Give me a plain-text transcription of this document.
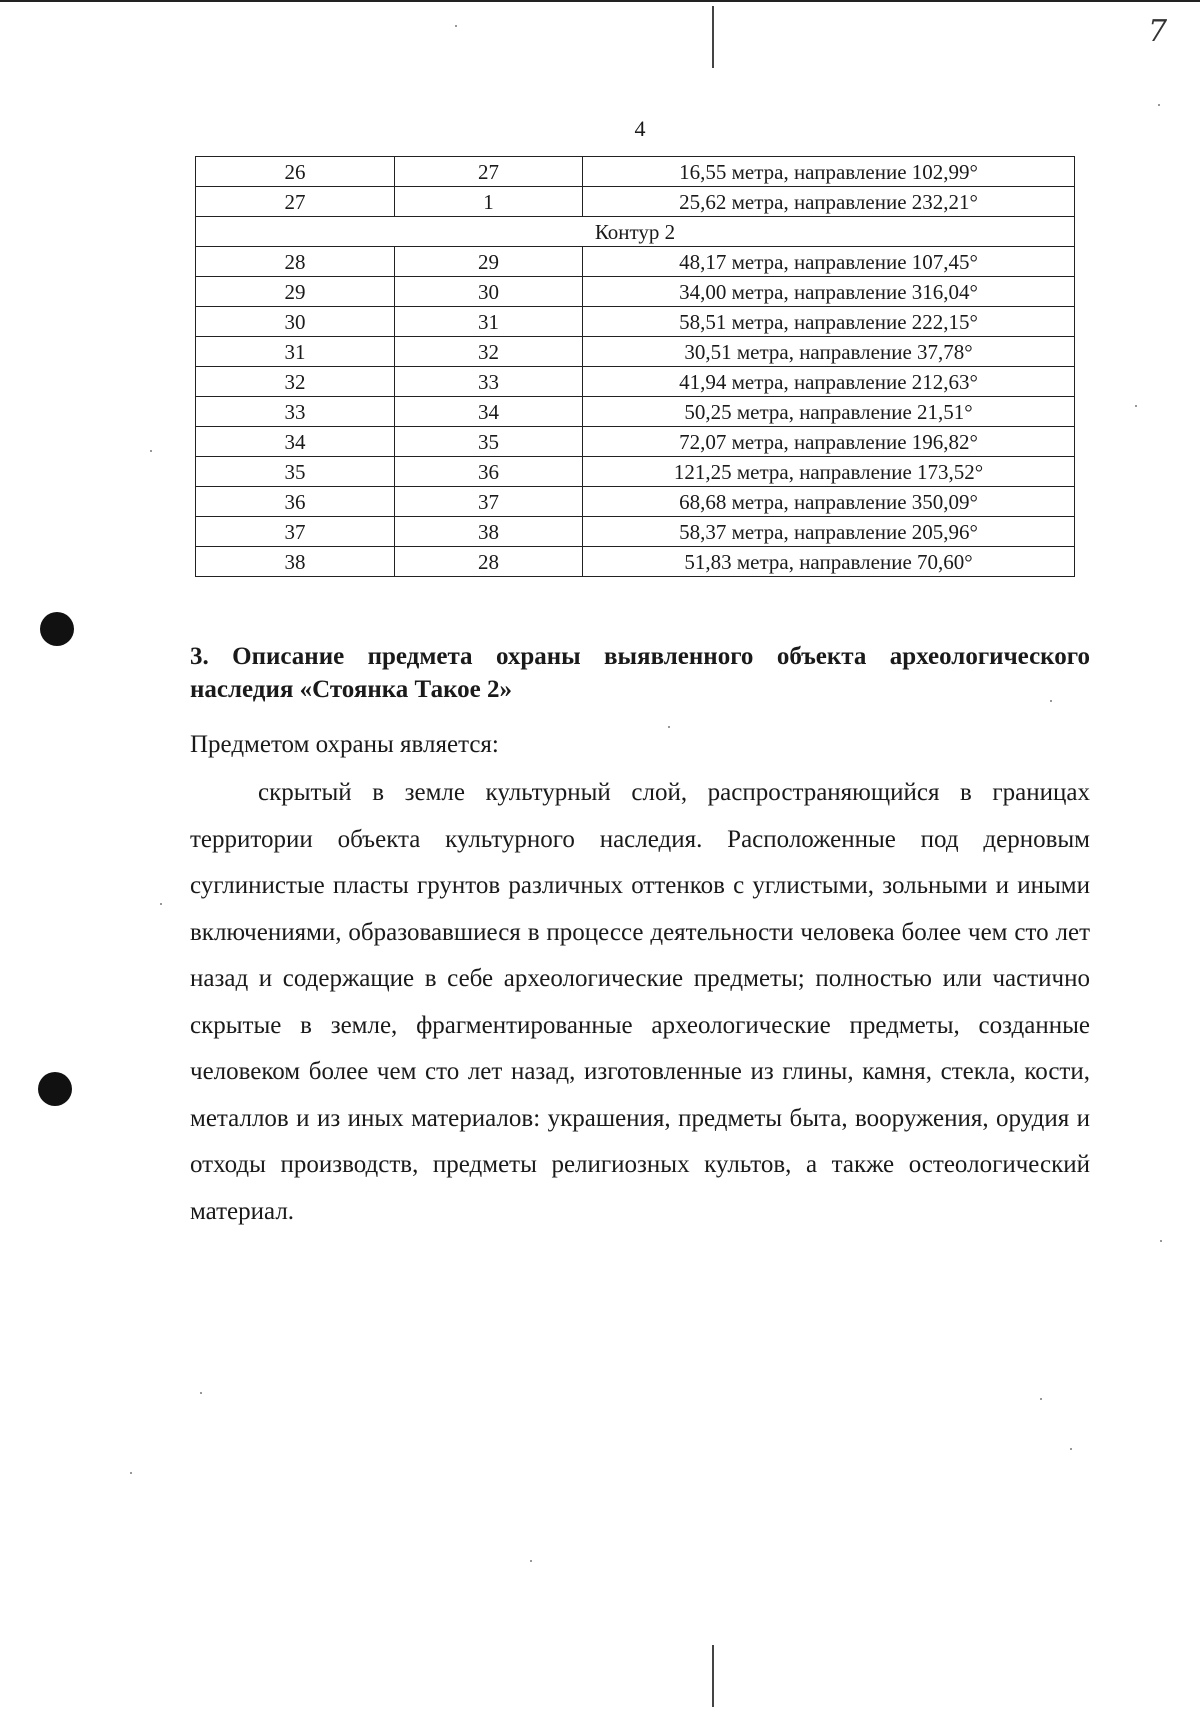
7
4
26	27	16,55 метра, направление 102,99°
27	1	25,62 метра, направление 232,21°
Контур 2		
28	29	48,17 метра, направление 107,45°
29	30	34,00 метра, направление 316,04°
30	31	58,51 метра, направление 222,15°
31	32	30,51 метра, направление 37,78°
32	33	41,94 метра, направление 212,63°
33	34	50,25 метра, направление 21,51°
34	35	72,07 метра, направление 196,82°
35	36	121,25 метра, направление 173,52°
36	37	68,68 метра, направление 350,09°
37	38	58,37 метра, направление 205,96°
38	28	51,83 метра, направление 70,60°
3. Описание предмета охраны выявленного объекта археологического наследия «Стоянка Такое 2»
Предметом охраны является:

скрытый в земле культурный слой, распространяющийся в границах территории объекта культурного наследия. Расположенные под дерновым суглинистые пласты грунтов различных оттенков с углистыми, зольными и иными включениями, образовавшиеся в процессе деятельности человека более чем сто лет назад и содержащие в себе археологические предметы; полностью или частично скрытые в земле, фрагментированные археологические предметы, созданные человеком более чем сто лет назад, изготовленные из глины, камня, стекла, кости, металлов и из иных материалов: украшения, предметы быта, вооружения, орудия и отходы производств, предметы религиозных культов, а также остеологический материал.
